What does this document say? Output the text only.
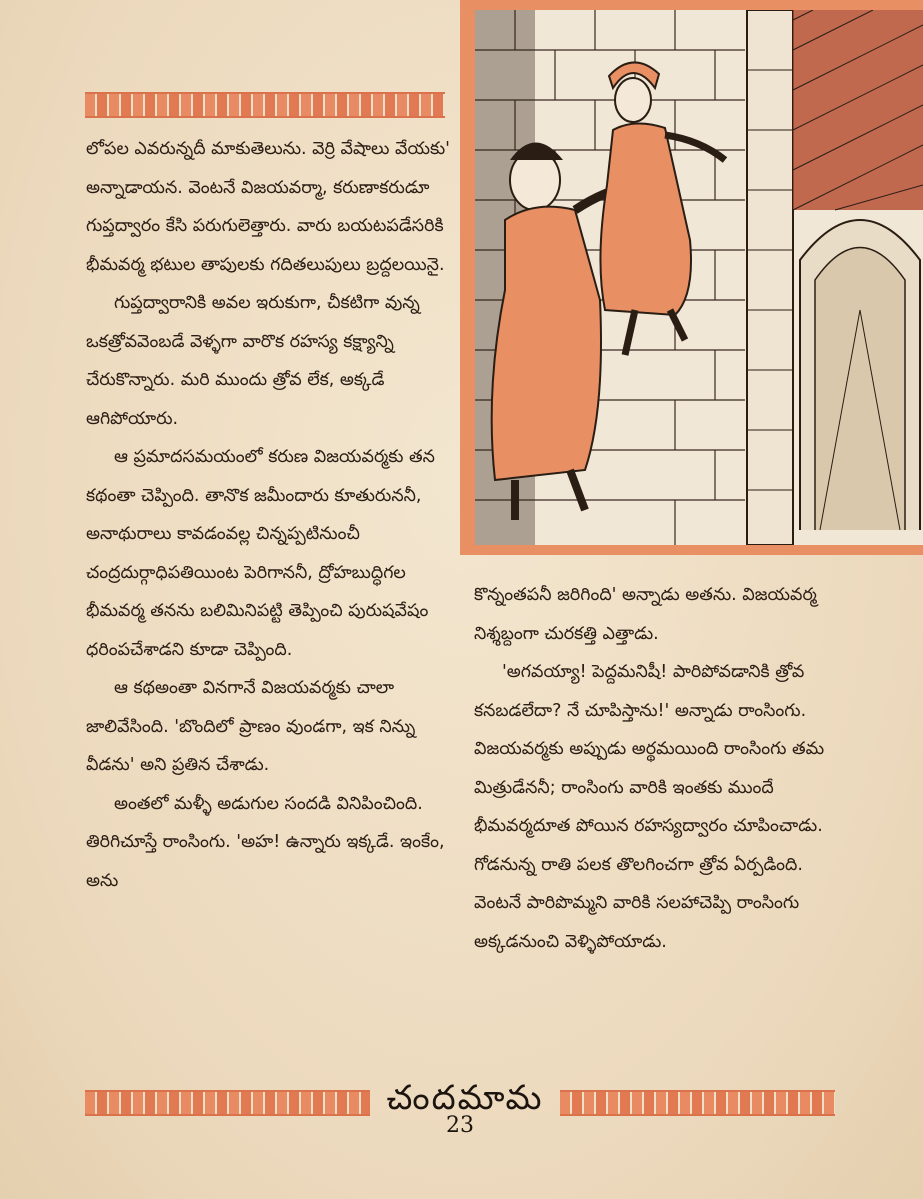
లోపల ఎవరున్నదీ మాకుతెలును. వెర్రి వేషాలు వేయకు' అన్నాడాయన. వెంటనే విజయవర్మా, కరుణాకరుడూ గుప్తద్వారం కేసి పరుగులెత్తారు. వారు బయటపడేసరికి భీమవర్మ భటుల తాపులకు గదితలుపులు బ్రద్దలయినై.

గుప్తద్వారానికి అవల ఇరుకుగా, చీకటిగా వున్న ఒకత్రోవవెంబడే వెళ్ళగా వారొక రహస్య కక్ష్యాన్ని చేరుకొన్నారు. మరి ముందు త్రోవ లేక, అక్కడే ఆగిపోయారు.

ఆ ప్రమాదసమయంలో కరుణ విజయవర్మకు తన కథంతా చెప్పింది. తానొక జమీందారు కూతురుననీ, అనాథురాలు కావడంవల్ల చిన్నప్పటినుంచీ చంద్రదుర్గాధిపతియింట పెరిగాననీ, ద్రోహబుద్ధిగల భీమవర్మ తనను బలిమినిపట్టి తెప్పించి పురుషవేషం ధరింపచేశాడని కూడా చెప్పింది.

ఆ కథఅంతా వినగానే విజయవర్మకు చాలా జాలివేసింది. 'బొందిలో ప్రాణం వుండగా, ఇక నిన్ను వీడను' అని ప్రతిన చేశాడు.

అంతలో మళ్ళీ అడుగుల సందడి వినిపించింది. తిరిగిచూస్తే రాంసింగు. 'అహ! ఉన్నారు ఇక్కడే. ఇంకేం, అను

కొన్నంతపనీ జరిగింది' అన్నాడు అతను. విజయవర్మ నిశ్శబ్దంగా చురకత్తి ఎత్తాడు.

'అగవయ్యా! పెద్దమనిషీ! పారిపోవడానికి త్రోవ కనబడలేదా? నే చూపిస్తాను!' అన్నాడు రాంసింగు. విజయవర్మకు అప్పుడు అర్థమయింది రాంసింగు తమ మిత్రుడేననీ; రాంసింగు వారికి ఇంతకు ముందే భీమవర్మదూత పోయిన రహస్యద్వారం చూపించాడు. గోడనున్న రాతి పలక తొలగించగా త్రోవ ఏర్పడింది. వెంటనే పారిపొమ్మని వారికి సలహాచెప్పి రాంసింగు అక్కడనుంచి వెళ్ళిపోయాడు.

చందమామ
23
